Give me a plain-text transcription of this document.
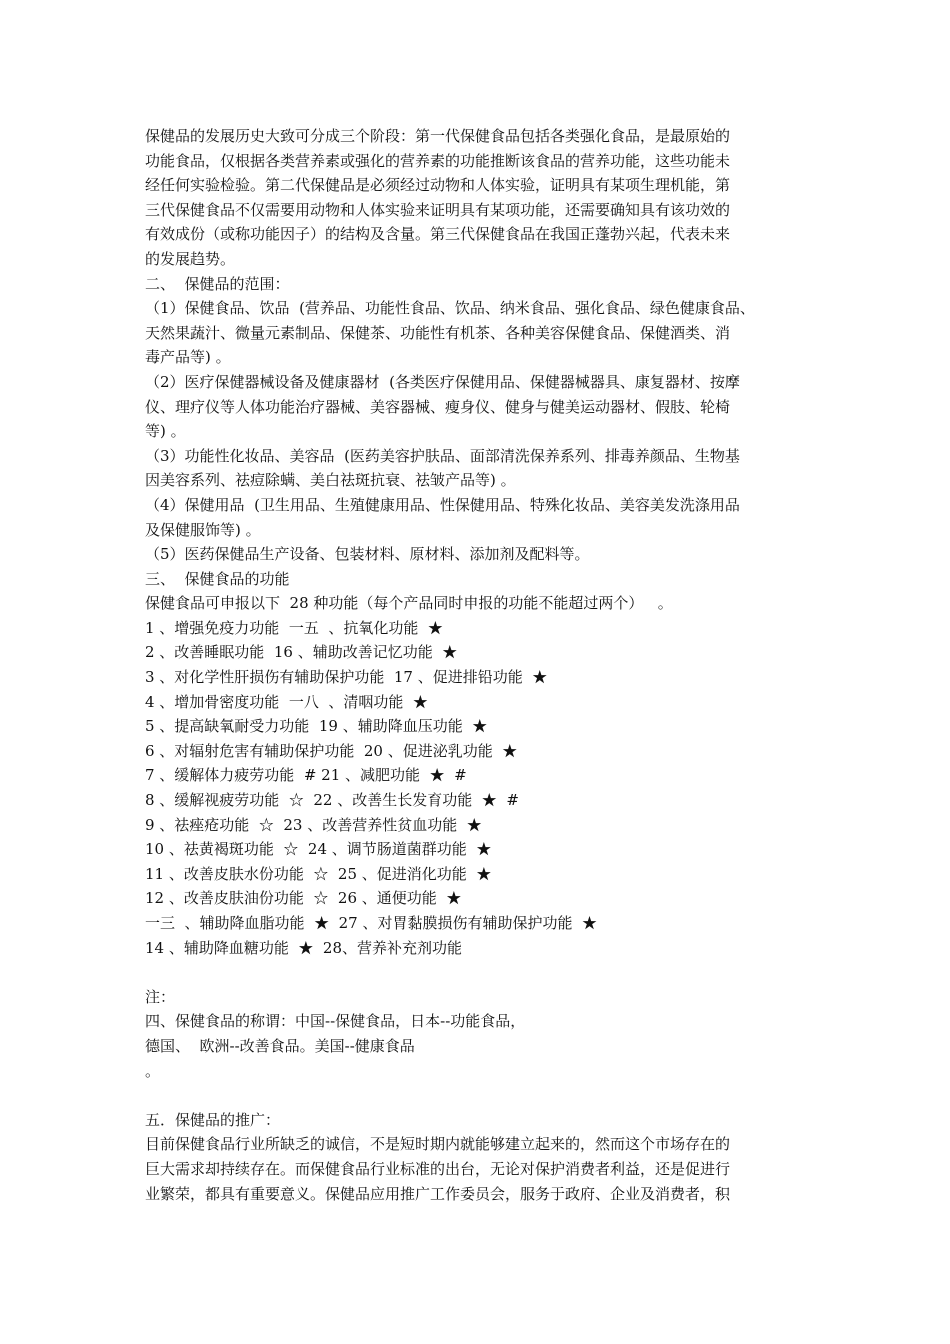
保健品的发展历史大致可分成三个阶段：第一代保健食品包括各类强化食品，是最原始的
功能食品，仅根据各类营养素或强化的营养素的功能推断该食品的营养功能，这些功能未
经任何实验检验。第二代保健品是必须经过动物和人体实验，证明具有某项生理机能，第
三代保健食品不仅需要用动物和人体实验来证明具有某项功能，还需要确知具有该功效的
有效成份（或称功能因子）的结构及含量。第三代保健食品在我国正蓬勃兴起，代表未来
的发展趋势。
二、  保健品的范围：
（1）保健食品、饮品  (营养品、功能性食品、饮品、纳米食品、强化食品、绿色健康食品、
天然果蔬汁、微量元素制品、保健茶、功能性有机茶、各种美容保健食品、保健酒类、消
毒产品等) 。
（2）医疗保健器械设备及健康器材  (各类医疗保健用品、保健器械器具、康复器材、按摩
仪、理疗仪等人体功能治疗器械、美容器械、瘦身仪、健身与健美运动器材、假肢、轮椅
等) 。
（3）功能性化妆品、美容品  (医药美容护肤品、面部清洗保养系列、排毒养颜品、生物基
因美容系列、祛痘除螨、美白祛斑抗衰、祛皱产品等) 。
（4）保健用品  (卫生用品、生殖健康用品、性保健用品、特殊化妆品、美容美发洗涤用品
及保健服饰等) 。
（5）医药保健品生产设备、包装材料、原材料、添加剂及配料等。
三、  保健食品的功能
保健食品可申报以下  28 种功能（每个产品同时申报的功能不能超过两个）   。
1 、增强免疫力功能  一五  、抗氧化功能  ★
2 、改善睡眠功能  16 、辅助改善记忆功能  ★
3 、对化学性肝损伤有辅助保护功能  17 、促进排铅功能  ★
4 、增加骨密度功能  一八  、清咽功能  ★
5 、提高缺氧耐受力功能  19 、辅助降血压功能  ★
6 、对辐射危害有辅助保护功能  20 、促进泌乳功能  ★
7 、缓解体力疲劳功能  # 21 、减肥功能  ★  #
8 、缓解视疲劳功能  ☆  22 、改善生长发育功能  ★  #
9 、祛痤疮功能  ☆  23 、改善营养性贫血功能  ★
10 、祛黄褐斑功能  ☆  24 、调节肠道菌群功能  ★
11 、改善皮肤水份功能  ☆  25 、促进消化功能  ★
12 、改善皮肤油份功能  ☆  26 、通便功能  ★
一三  、辅助降血脂功能  ★  27 、对胃黏膜损伤有辅助保护功能  ★
14 、辅助降血糖功能  ★  28、营养补充剂功能
注：
四、保健食品的称谓：中国--保健食品，日本--功能食品，
德国、  欧洲--改善食品。美国--健康食品
。
五．保健品的推广：
目前保健食品行业所缺乏的诚信，不是短时期内就能够建立起来的，然而这个市场存在的
巨大需求却持续存在。而保健食品行业标准的出台，无论对保护消费者利益，还是促进行
业繁荣，都具有重要意义。保健品应用推广工作委员会，服务于政府、企业及消费者，积
